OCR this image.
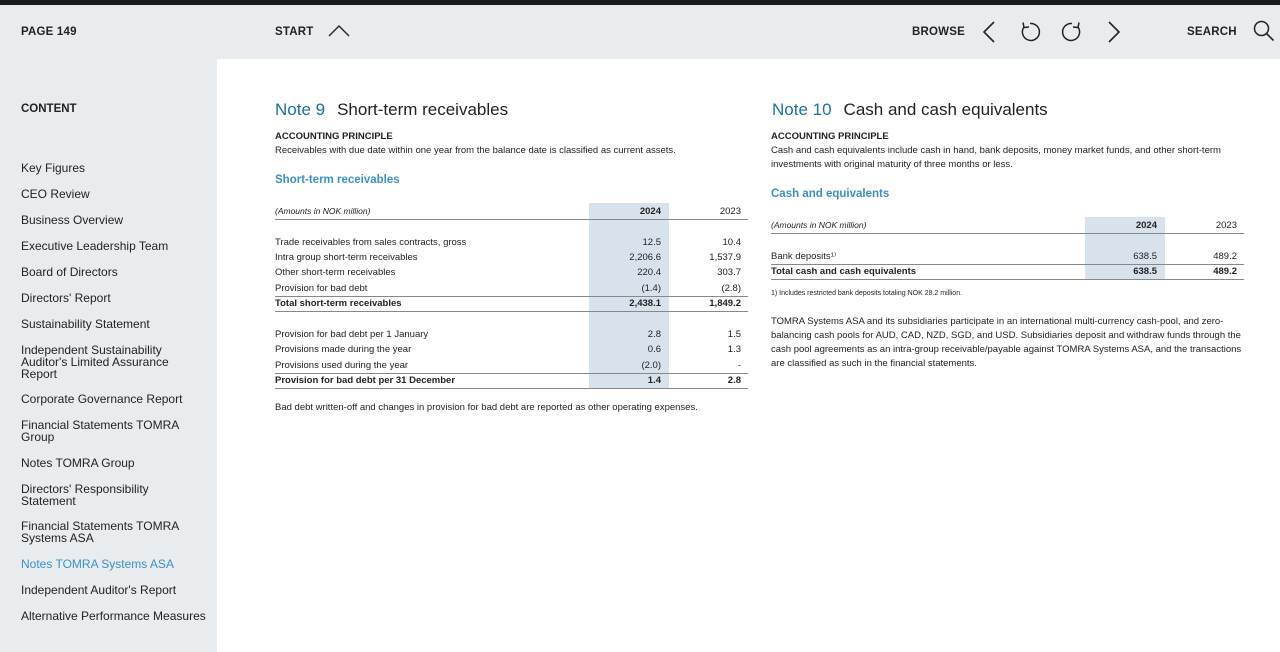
PAGE 149	START	BROWSE	SEARCH
CONTENT
Key Figures
CEO Review
Business Overview
Executive Leadership Team
Board of Directors
Directors' Report
Sustainability Statement
Independent Sustainability Auditor's Limited Assurance Report
Corporate Governance Report
Financial Statements TOMRA Group
Notes TOMRA Group
Directors' Responsibility Statement
Financial Statements TOMRA Systems ASA
Notes TOMRA Systems ASA
Independent Auditor's Report
Alternative Performance Measures
Note 9 Short-term receivables
ACCOUNTING PRINCIPLE
Receivables with due date within one year from the balance date is classified as current assets.
Short-term receivables
(Amounts in NOK million)	2024	2023
Trade receivables from sales contracts, gross	12.5	10.4
Intra group short-term receivables	2,206.6	1,537.9
Other short-term receivables	220.4	303.7
Provision for bad debt	(1.4)	(2.8)
Total short-term receivables	2,438.1	1,849.2
Provision for bad debt per 1 January	2.8	1.5
Provisions made during the year	0.6	1.3
Provisions used during the year	(2.0)	-
Provision for bad debt per 31 December	1.4	2.8
Bad debt written-off and changes in provision for bad debt are reported as other operating expenses.
Note 10 Cash and cash equivalents
ACCOUNTING PRINCIPLE
Cash and cash equivalents include cash in hand, bank deposits, money market funds, and other short-term investments with original maturity of three months or less.
Cash and equivalents
(Amounts in NOK million)	2024	2023
Bank deposits¹⁾	638.5	489.2
Total cash and cash equivalents	638.5	489.2
1) Includes restricted bank deposits totaling NOK 28.2 million.
TOMRA Systems ASA and its subsidiaries participate in an international multi-currency cash-pool, and zero-balancing cash pools for AUD, CAD, NZD, SGD, and USD. Subsidiaries deposit and withdraw funds through the cash pool agreements as an intra-group receivable/payable against TOMRA Systems ASA, and the transactions are classified as such in the financial statements.
